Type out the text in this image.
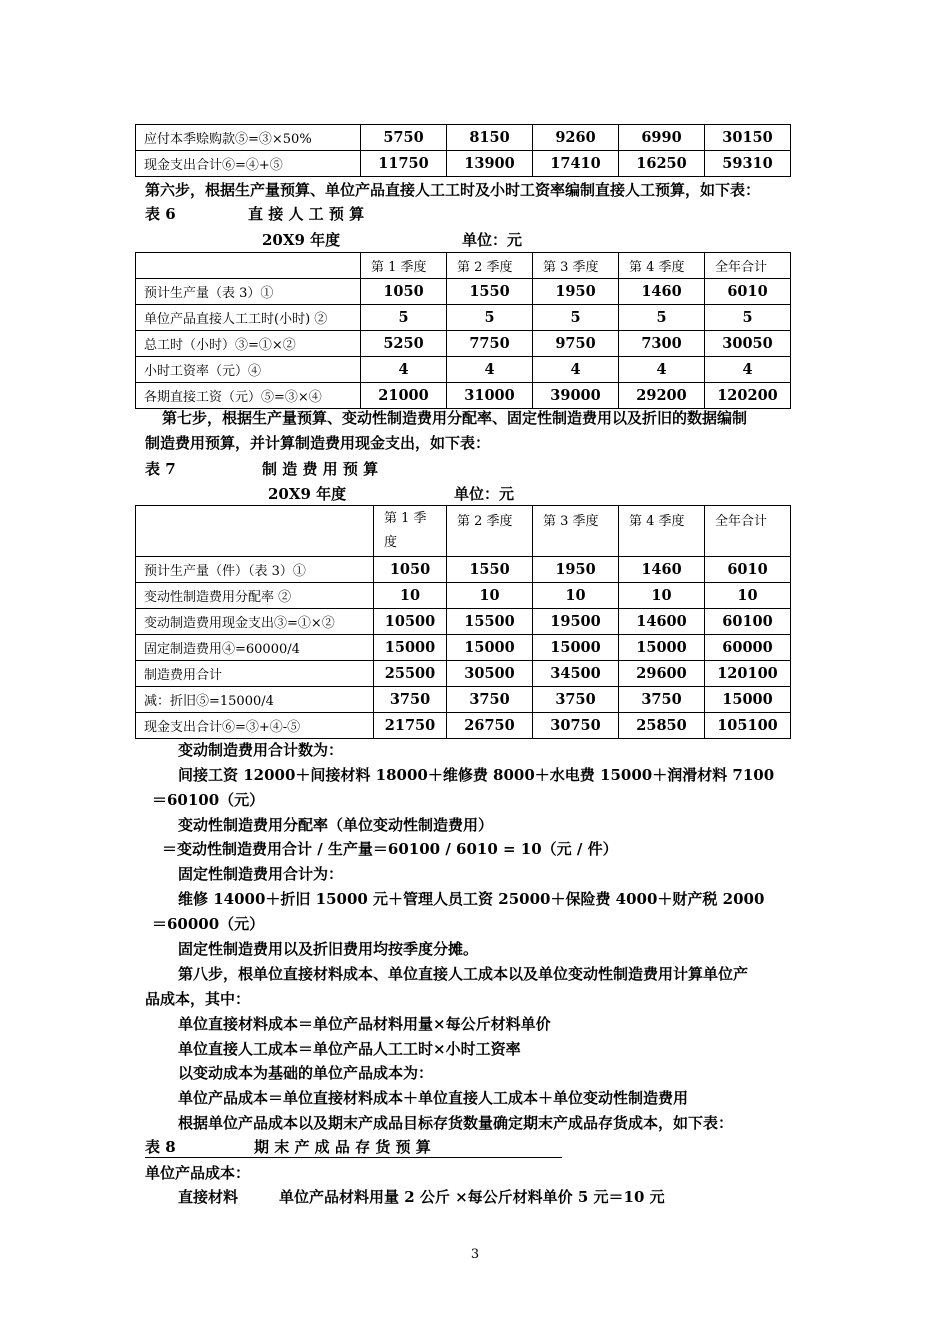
应付本季赊购款⑤=③×50%	5750	8150	9260	6990	30150
现金支出合计⑥=④+⑤	11750	13900	17410	16250	59310
第六步，根据生产量预算、单位产品直接人工工时及小时工资率编制直接人工预算，如下表：
表 6	直 接 人 工 预 算
20X9 年度	单位：元
	第 1 季度	第 2 季度	第 3 季度	第 4 季度	全年合计
预计生产量（表 3）①	1050	1550	1950	1460	6010
单位产品直接人工工时(小时) ②	5	5	5	5	5
总工时（小时）③=①×②	5250	7750	9750	7300	30050
小时工资率（元）④	4	4	4	4	4
各期直接工资（元）⑤=③×④	21000	31000	39000	29200	120200
第七步，根据生产量预算、变动性制造费用分配率、固定性制造费用以及折旧的数据编制
制造费用预算，并计算制造费用现金支出，如下表：
表 7	制 造 费 用 预 算
20X9 年度	单位：元

	第 1 季
度	第 2 季度	第 3 季度	第 4 季度	全年合计
预计生产量（件）（表 3）①	1050	1550	1950	1460	6010
变动性制造费用分配率 ②	10	10	10	10	10
变动制造费用现金支出③=①×②	10500	15500	19500	14600	60100
固定制造费用④=60000/4	15000	15000	15000	15000	60000
制造费用合计	25500	30500	34500	29600	120100
减：折旧⑤=15000/4	3750	3750	3750	3750	15000
现金支出合计⑥=③+④-⑤	21750	26750	30750	25850	105100
变动制造费用合计数为：
间接工资 12000＋间接材料 18000＋维修费 8000＋水电费 15000＋润滑材料 7100
＝60100（元）
变动性制造费用分配率（单位变动性制造费用）
＝变动性制造费用合计 / 生产量＝60100 / 6010 = 10（元 / 件）
固定性制造费用合计为：
维修 14000＋折旧 15000 元＋管理人员工资 25000＋保险费 4000＋财产税 2000
＝60000（元）
固定性制造费用以及折旧费用均按季度分摊。
第八步，根单位直接材料成本、单位直接人工成本以及单位变动性制造费用计算单位产
品成本，其中：
单位直接材料成本＝单位产品材料用量×每公斤材料单价
单位直接人工成本＝单位产品人工工时×小时工资率
以变动成本为基础的单位产品成本为：
单位产品成本＝单位直接材料成本＋单位直接人工成本＋单位变动性制造费用
根据单位产品成本以及期末产成品目标存货数量确定期末产成品存货成本，如下表：
表 8	期 末 产 成 品 存 货 预 算
单位产品成本：
直接材料	单位产品材料用量 2 公斤 ×每公斤材料单价 5 元＝10 元
3
